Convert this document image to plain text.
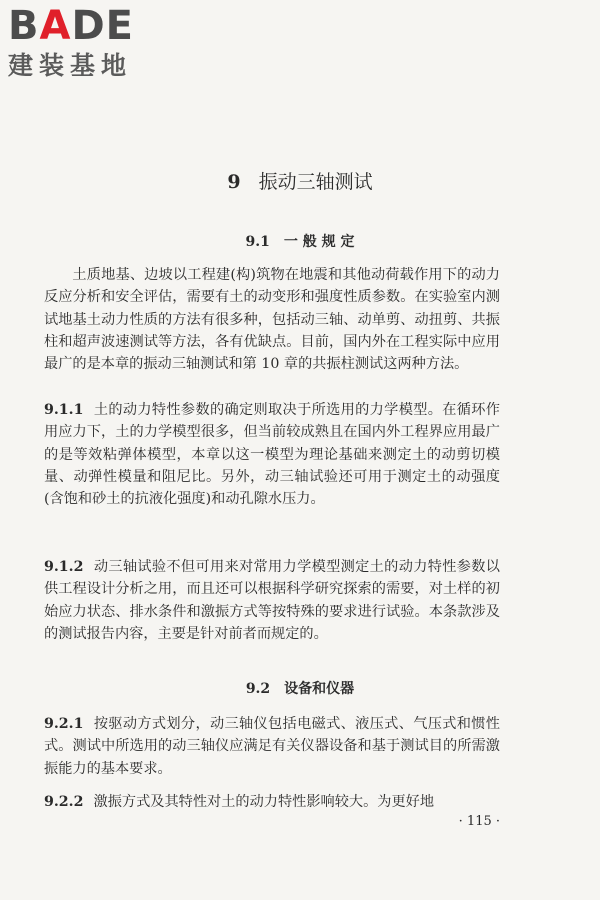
BADE
建装基地
9 振动三轴测试
9.1 一 般 规 定
土质地基、边坡以工程建(构)筑物在地震和其他动荷载作用下的动力反应分析和安全评估，需要有土的动变形和强度性质参数。在实验室内测试地基土动力性质的方法有很多种，包括动三轴、动单剪、动扭剪、共振柱和超声波速测试等方法，各有优缺点。目前，国内外在工程实际中应用最广的是本章的振动三轴测试和第 10 章的共振柱测试这两种方法。
9.1.1 土的动力特性参数的确定则取决于所选用的力学模型。在循环作用应力下，土的力学模型很多，但当前较成熟且在国内外工程界应用最广的是等效粘弹体模型，本章以这一模型为理论基础来测定土的动剪切模量、动弹性模量和阻尼比。另外，动三轴试验还可用于测定土的动强度(含饱和砂土的抗液化强度)和动孔隙水压力。
9.1.2 动三轴试验不但可用来对常用力学模型测定土的动力特性参数以供工程设计分析之用，而且还可以根据科学研究探索的需要，对土样的初始应力状态、排水条件和激振方式等按特殊的要求进行试验。本条款涉及的测试报告内容，主要是针对前者而规定的。
9.2 设备和仪器
9.2.1 按驱动方式划分，动三轴仪包括电磁式、液压式、气压式和惯性式。测试中所选用的动三轴仪应满足有关仪器设备和基于测试目的所需激振能力的基本要求。
9.2.2 激振方式及其特性对土的动力特性影响较大。为更好地
· 115 ·
